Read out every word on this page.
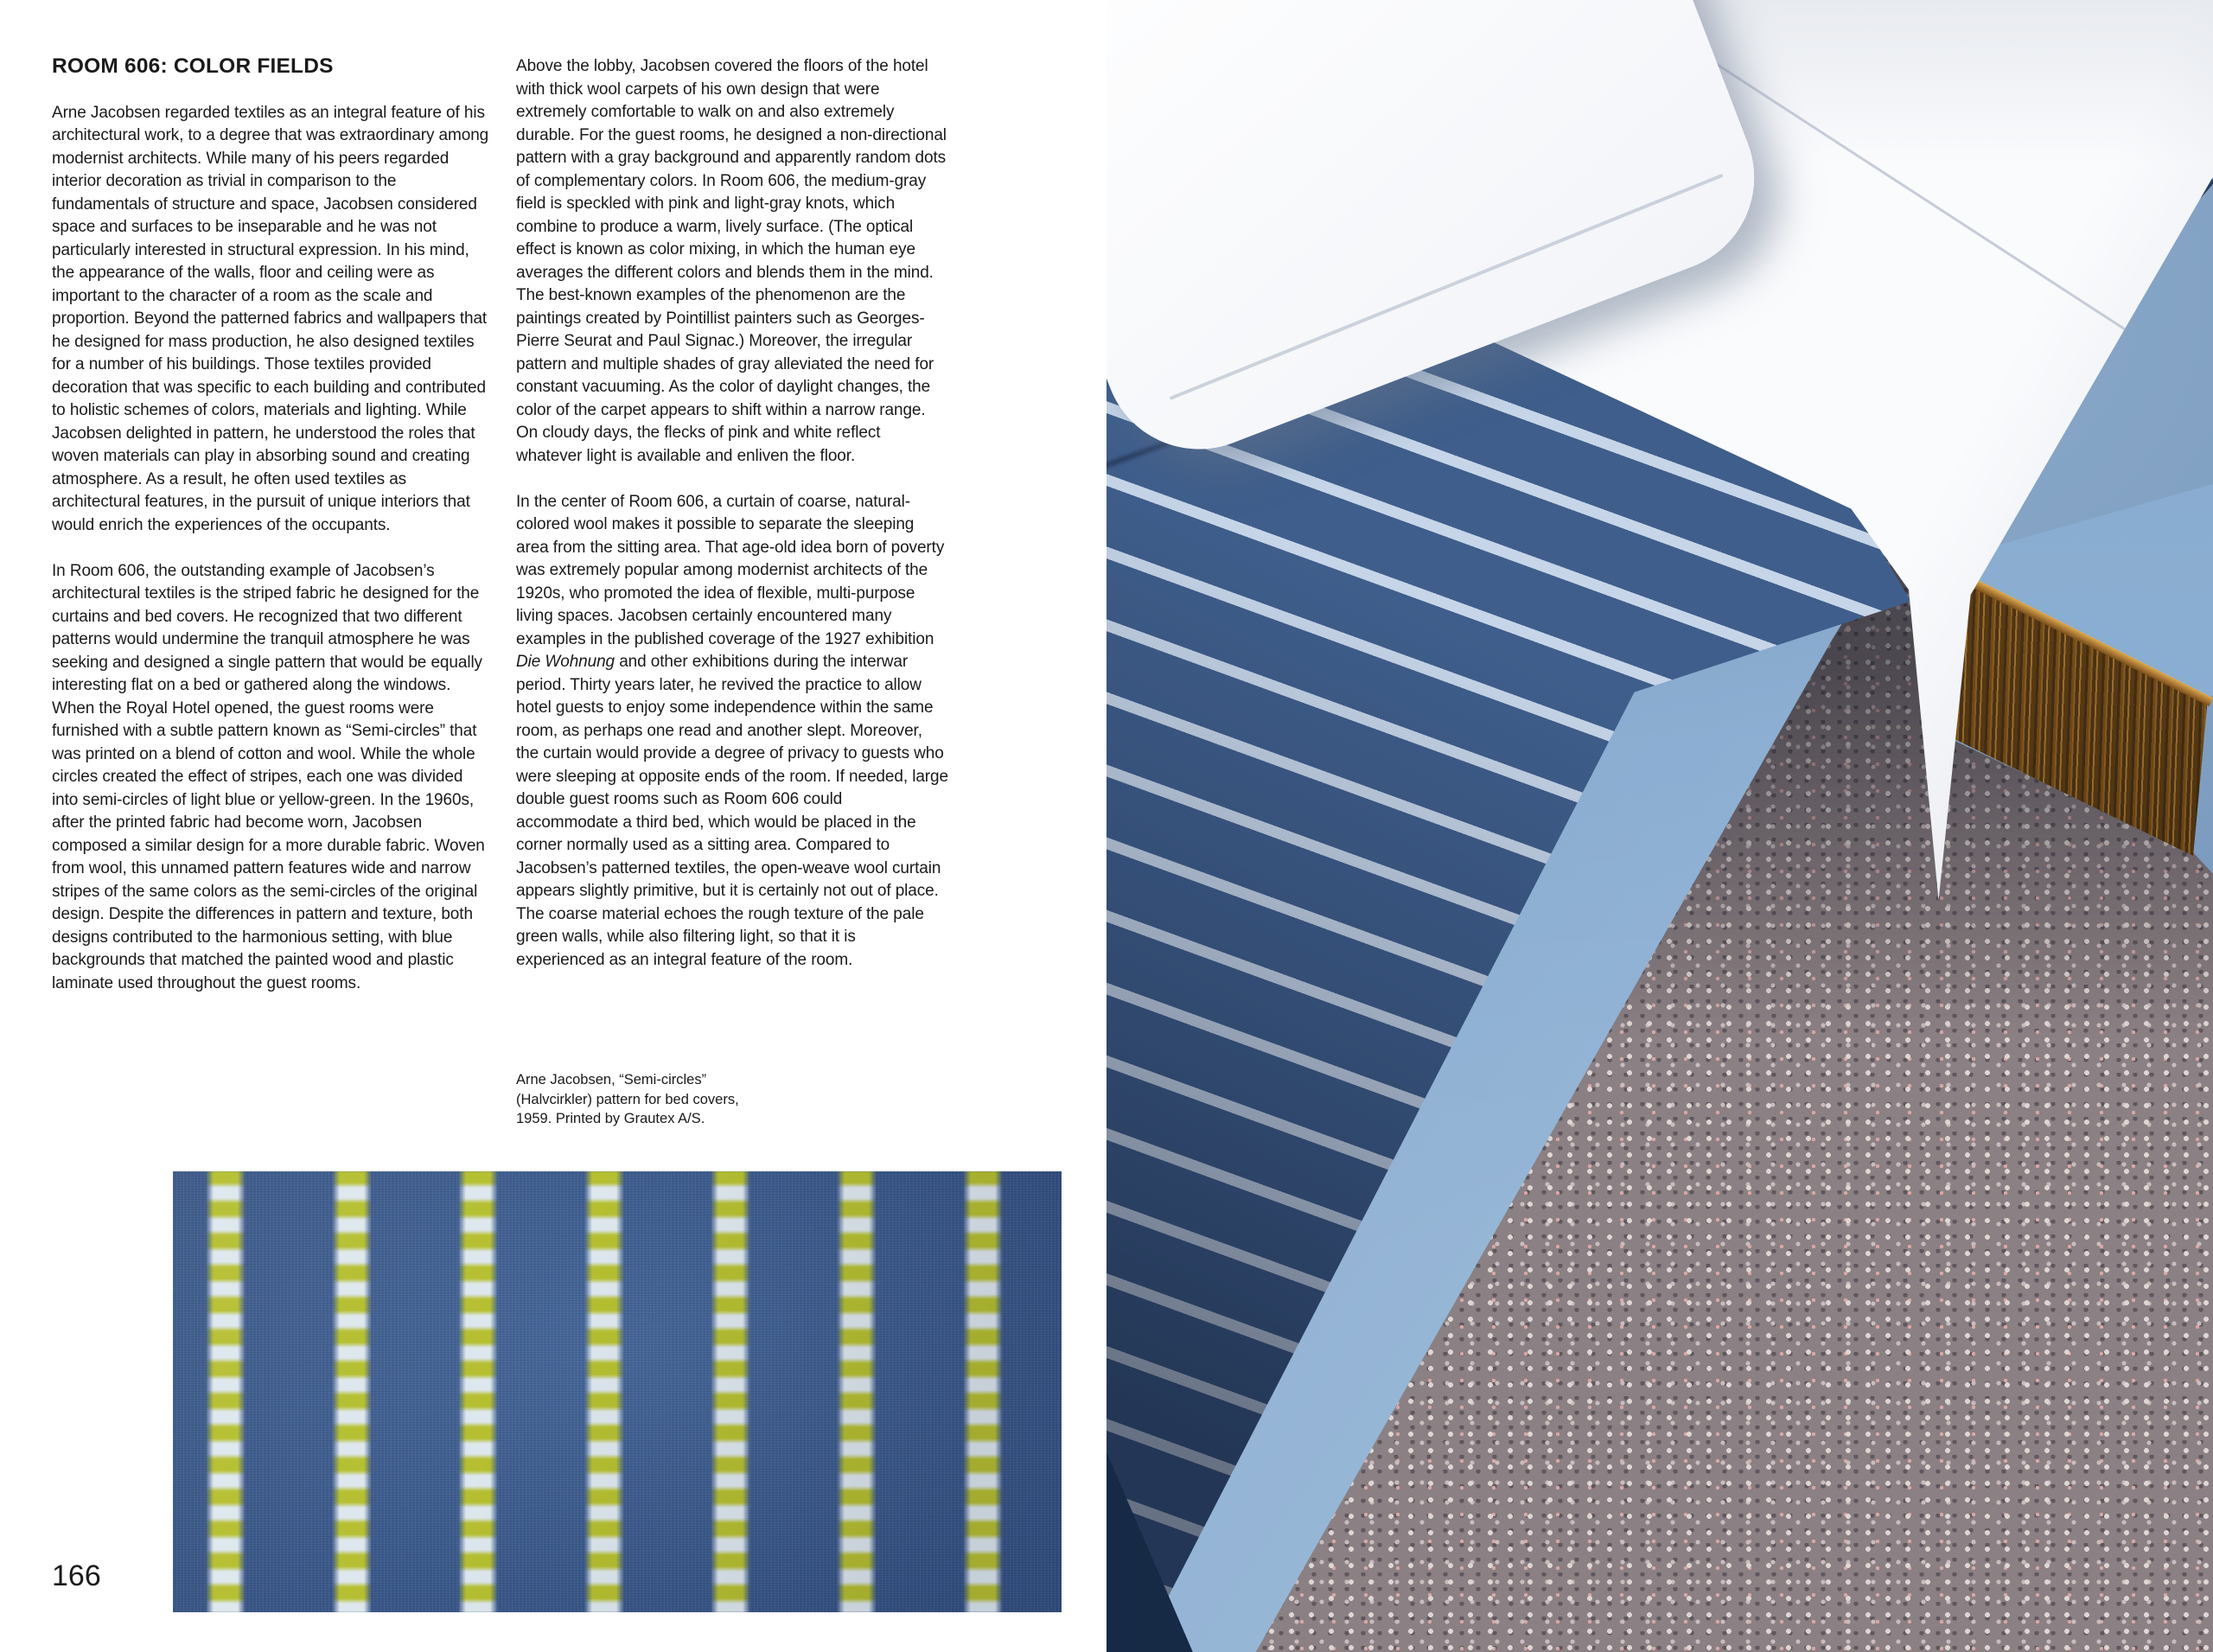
ROOM 606: COLOR FIELDS

Arne Jacobsen regarded textiles as an integral feature of his architectural work, to a degree that was extraordinary among modernist architects. While many of his peers regarded interior decoration as trivial in comparison to the fundamentals of structure and space, Jacobsen considered space and surfaces to be inseparable and he was not particularly interested in structural expression. In his mind, the appearance of the walls, floor and ceiling were as important to the character of a room as the scale and proportion. Beyond the patterned fabrics and wallpapers that he designed for mass production, he also designed textiles for a number of his buildings. Those textiles provided decoration that was specific to each building and contributed to holistic schemes of colors, materials and lighting. While Jacobsen delighted in pattern, he understood the roles that woven materials can play in absorbing sound and creating atmosphere. As a result, he often used textiles as architectural features, in the pursuit of unique interiors that would enrich the experiences of the occupants.

In Room 606, the outstanding example of Jacobsen’s architectural textiles is the striped fabric he designed for the curtains and bed covers. He recognized that two different patterns would undermine the tranquil atmosphere he was seeking and designed a single pattern that would be equally interesting flat on a bed or gathered along the windows. When the Royal Hotel opened, the guest rooms were furnished with a subtle pattern known as “Semi-circles” that was printed on a blend of cotton and wool. While the whole circles created the effect of stripes, each one was divided into semi-circles of light blue or yellow-green. In the 1960s, after the printed fabric had become worn, Jacobsen composed a similar design for a more durable fabric. Woven from wool, this unnamed pattern features wide and narrow stripes of the same colors as the semi-circles of the original design. Despite the differences in pattern and texture, both designs contributed to the harmonious setting, with blue backgrounds that matched the painted wood and plastic laminate used throughout the guest rooms.

Above the lobby, Jacobsen covered the floors of the hotel with thick wool carpets of his own design that were extremely comfortable to walk on and also extremely durable. For the guest rooms, he designed a non-directional pattern with a gray background and apparently random dots of complementary colors. In Room 606, the medium-gray field is speckled with pink and light-gray knots, which combine to produce a warm, lively surface. (The optical effect is known as color mixing, in which the human eye averages the different colors and blends them in the mind. The best-known examples of the phenomenon are the paintings created by Pointillist painters such as Georges-Pierre Seurat and Paul Signac.) Moreover, the irregular pattern and multiple shades of gray alleviated the need for constant vacuuming. As the color of daylight changes, the color of the carpet appears to shift within a narrow range. On cloudy days, the flecks of pink and white reflect whatever light is available and enliven the floor.

In the center of Room 606, a curtain of coarse, natural-colored wool makes it possible to separate the sleeping area from the sitting area. That age-old idea born of poverty was extremely popular among modernist architects of the 1920s, who promoted the idea of flexible, multi-purpose living spaces. Jacobsen certainly encountered many examples in the published coverage of the 1927 exhibition Die Wohnung and other exhibitions during the interwar period. Thirty years later, he revived the practice to allow hotel guests to enjoy some independence within the same room, as perhaps one read and another slept. Moreover, the curtain would provide a degree of privacy to guests who were sleeping at opposite ends of the room. If needed, large double guest rooms such as Room 606 could accommodate a third bed, which would be placed in the corner normally used as a sitting area. Compared to Jacobsen’s patterned textiles, the open-weave wool curtain appears slightly primitive, but it is certainly not out of place. The coarse material echoes the rough texture of the pale green walls, while also filtering light, so that it is experienced as an integral feature of the room.

Arne Jacobsen, “Semi-circles”
(Halvcirkler) pattern for bed covers,
1959. Printed by Grautex A/S.
166
